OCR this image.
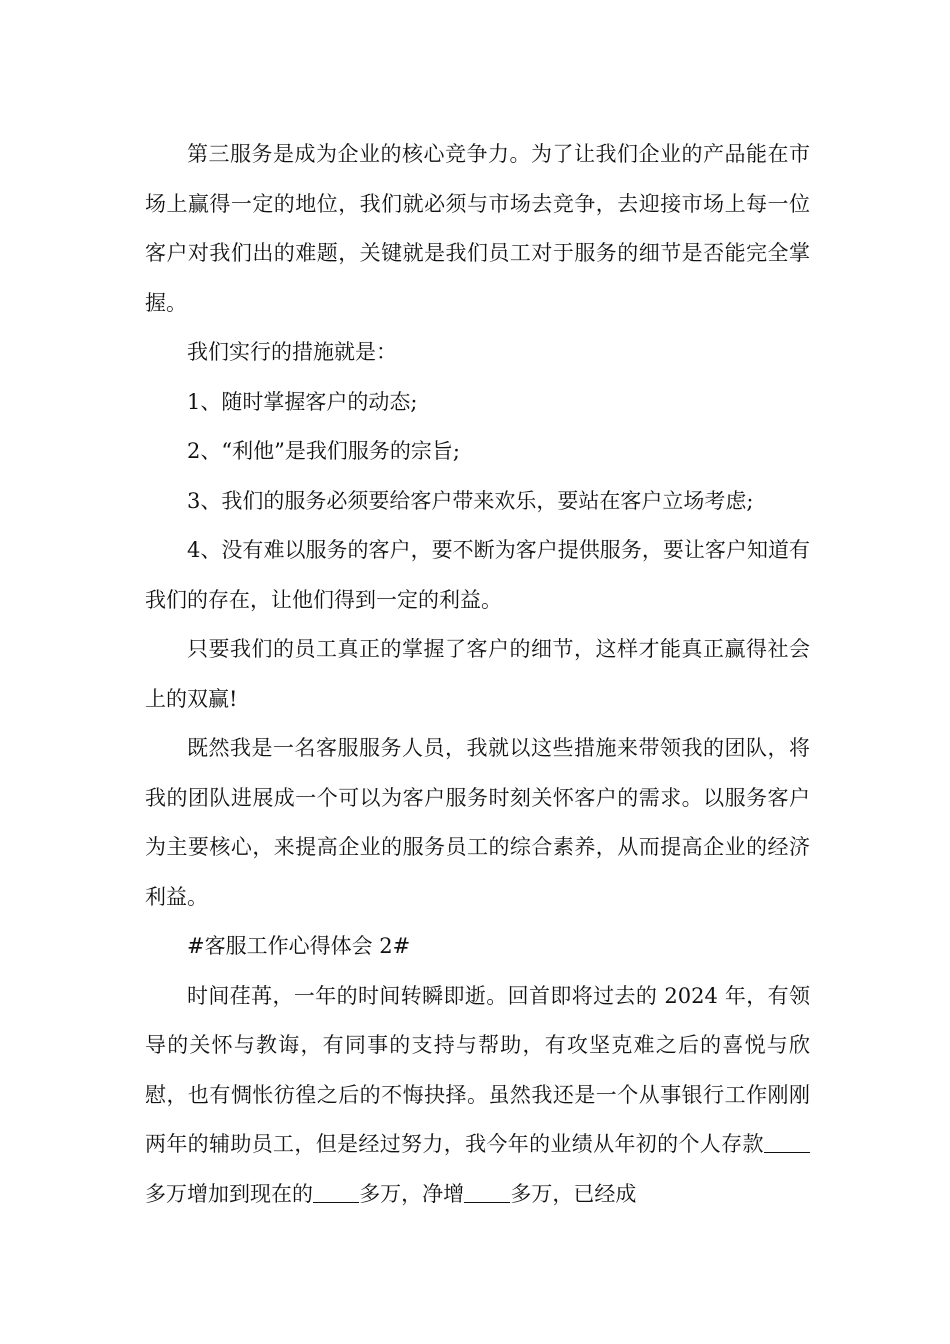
第三服务是成为企业的核心竞争力。为了让我们企业的产品能在市场上赢得一定的地位，我们就必须与市场去竞争，去迎接市场上每一位客户对我们出的难题，关键就是我们员工对于服务的细节是否能完全掌握。

我们实行的措施就是：

1、随时掌握客户的动态;

2、“利他”是我们服务的宗旨;

3、我们的服务必须要给客户带来欢乐，要站在客户立场考虑;

4、没有难以服务的客户，要不断为客户提供服务，要让客户知道有我们的存在，让他们得到一定的利益。

只要我们的员工真正的掌握了客户的细节，这样才能真正赢得社会上的双赢!

既然我是一名客服服务人员，我就以这些措施来带领我的团队，将我的团队进展成一个可以为客户服务时刻关怀客户的需求。以服务客户为主要核心，来提高企业的服务员工的综合素养，从而提高企业的经济利益。

#客服工作心得体会 2#

时间荏苒，一年的时间转瞬即逝。回首即将过去的 2024 年，有领导的关怀与教诲，有同事的支持与帮助，有攻坚克难之后的喜悦与欣慰，也有惆怅彷徨之后的不悔抉择。虽然我还是一个从事银行工作刚刚两年的辅助员工，但是经过努力，我今年的业绩从年初的个人存款多万增加到现在的 多万，净增 多万，已经成
